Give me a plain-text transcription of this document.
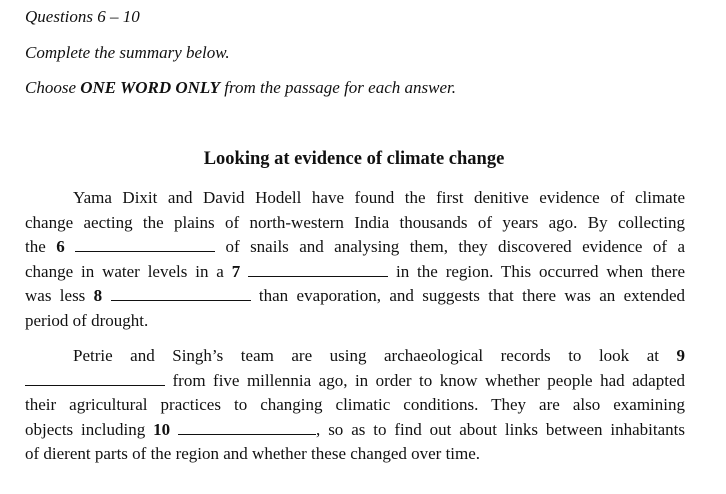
Questions 6 – 10
Complete the summary below.
Choose ONE WORD ONLY from the passage for each answer.
Looking at evidence of climate change
Yama Dixit and David Hodell have found the first denitive evidence of climate
change aecting the plains of north-western India thousands of years ago. By collecting
the 6	of snails and analysing them, they discovered evidence of a
change in water levels in a 7	in the region. This occurred when there
was less 8	than evaporation, and suggests that there was an extended
period of drought.
Petrie and Singh’s team are using archaeological records to look at 9
from five millennia ago, in order to know whether people had adapted
their agricultural practices to changing climatic conditions. They are also examining
objects including 10	, so as to find out about links between inhabitants
of dierent parts of the region and whether these changed over time.
